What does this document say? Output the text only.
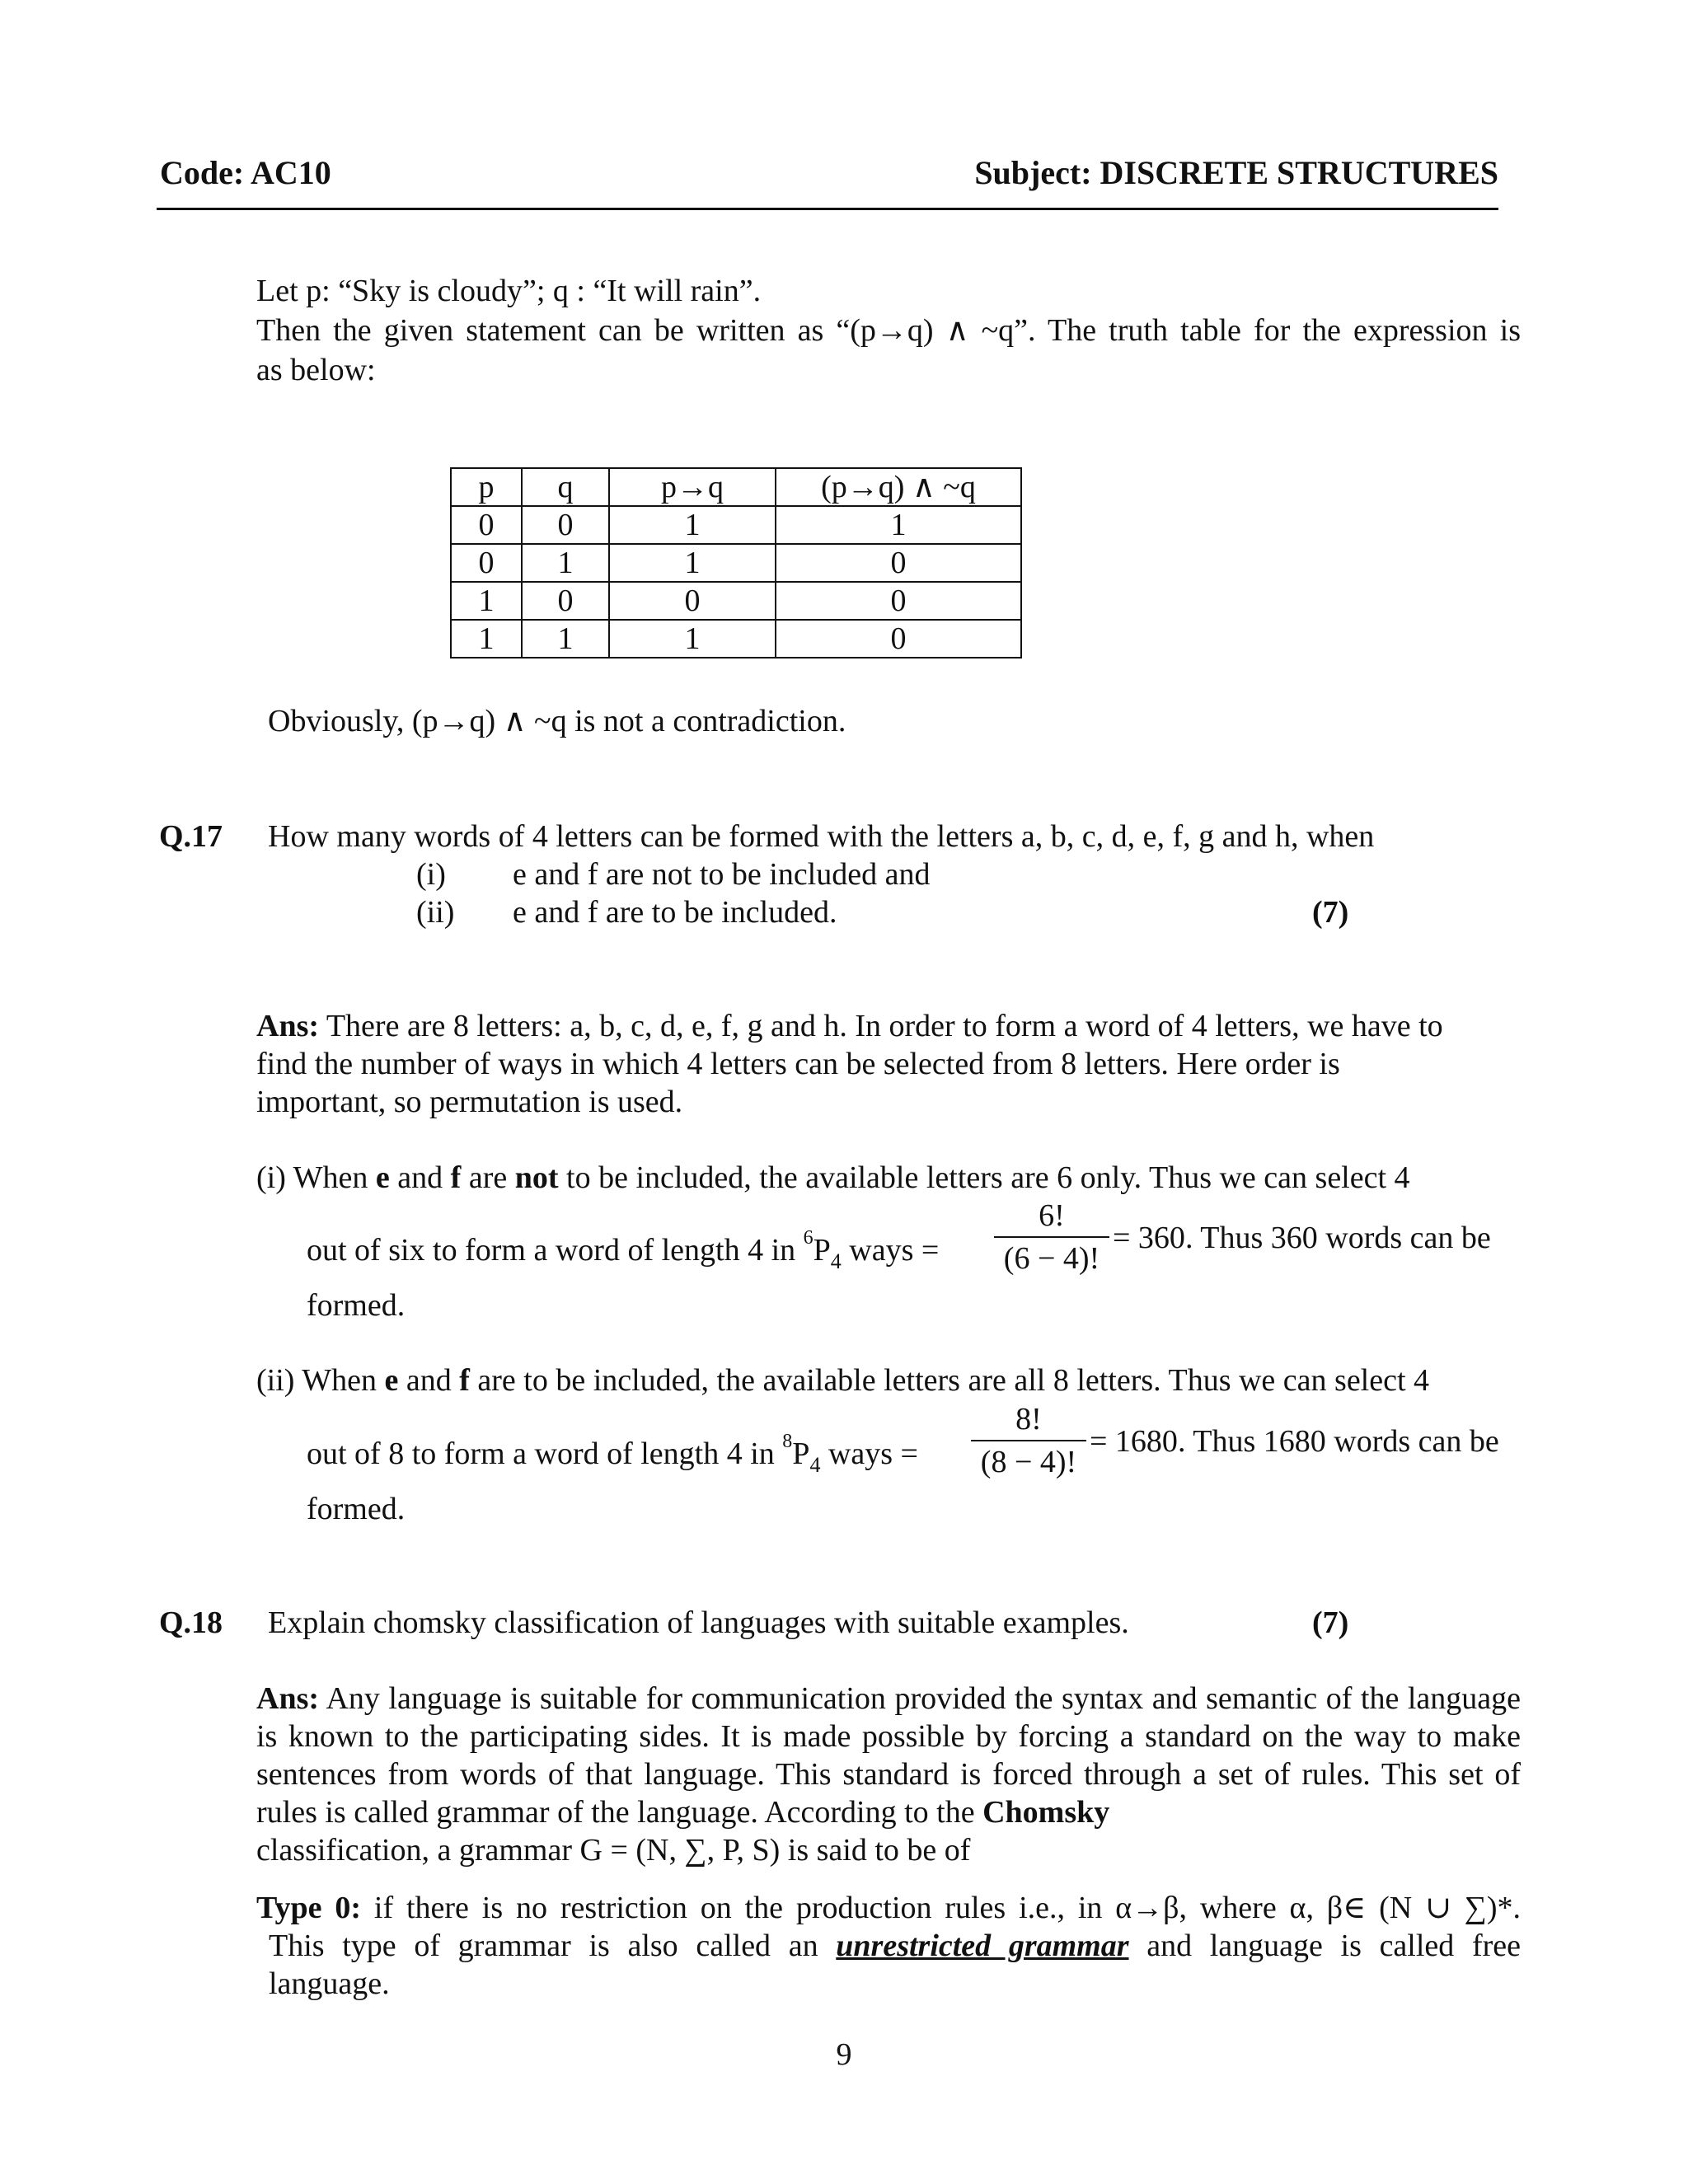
Code: AC10	Subject: DISCRETE STRUCTURES
Let p: “Sky is cloudy”; q : “It will rain”.
Then the given statement can be written as “(p→q) ∧ ~q”. The truth table for the expression is
as below:
p	q	p→q	(p→q) ∧ ~q
0	0	1	1
0	1	1	0
1	0	0	0
1	1	1	0
Obviously, (p→q) ∧ ~q is not a contradiction.
Q.17 How many words of 4 letters can be formed with the letters a, b, c, d, e, f, g and h, when
(i) e and f are not to be included and
(ii) e and f are to be included.	(7)
Ans: There are 8 letters: a, b, c, d, e, f, g and h. In order to form a word of 4 letters, we have to
find the number of ways in which 4 letters can be selected from 8 letters. Here order is
important, so permutation is used.
(i) When e and f are not to be included, the available letters are 6 only. Thus we can select 4
out of six to form a word of length 4 in $^6P_4$ ways =
6!
(6 − 4)!
= 360. Thus 360 words can be
formed.
(ii) When e and f are to be included, the available letters are all 8 letters. Thus we can select 4
out of 8 to form a word of length 4 in $^8P_4$ ways =
8!
(8 − 4)!
= 1680. Thus 1680 words can be
formed.
Q.18 Explain chomsky classification of languages with suitable examples.	(7)
Ans: Any language is suitable for communication provided the syntax and semantic of the language is known to the participating sides. It is made possible by forcing a standard on the way to make sentences from words of that language. This standard is forced through a set of rules. This set of rules is called grammar of the language. According to the Chomsky
classification, a grammar G = (N, ∑, P, S) is said to be of
Type 0: if there is no restriction on the production rules i.e., in α→β, where α, β∈ (N ∪ ∑)*.
This type of grammar is also called an unrestricted grammar and language is called free
language.
9
